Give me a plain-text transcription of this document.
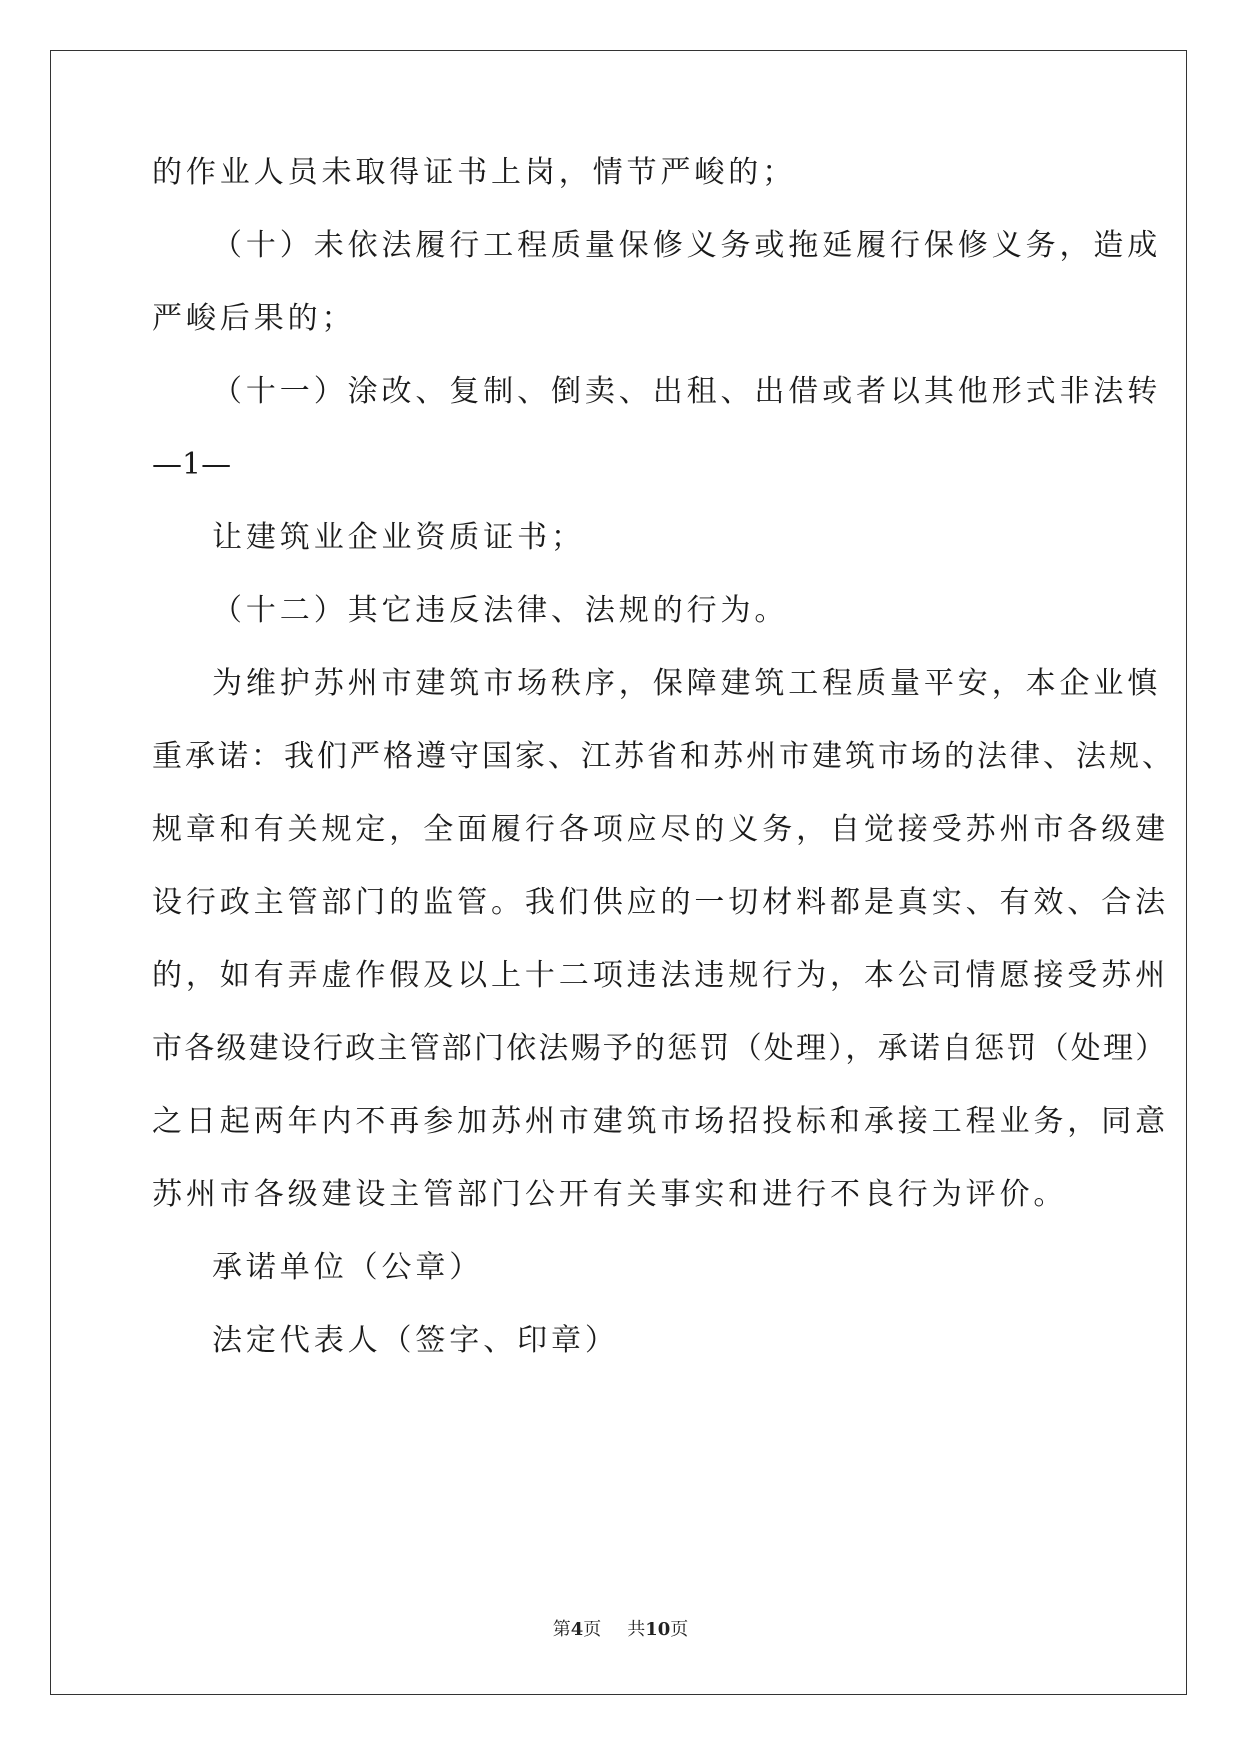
的作业人员未取得证书上岗，情节严峻的；
（十）未依法履行工程质量保修义务或拖延履行保修义务，造成
严峻后果的；
（十一）涂改、复制、倒卖、出租、出借或者以其他形式非法转
—1—
让建筑业企业资质证书；
（十二）其它违反法律、法规的行为。
为维护苏州市建筑市场秩序，保障建筑工程质量平安，本企业慎
重承诺：我们严格遵守国家、江苏省和苏州市建筑市场的法律、法规、
规章和有关规定，全面履行各项应尽的义务，自觉接受苏州市各级建
设行政主管部门的监管。我们供应的一切材料都是真实、有效、合法
的，如有弄虚作假及以上十二项违法违规行为，本公司情愿接受苏州
市各级建设行政主管部门依法赐予的惩罚（处理），承诺自惩罚（处理）
之日起两年内不再参加苏州市建筑市场招投标和承接工程业务，同意
苏州市各级建设主管部门公开有关事实和进行不良行为评价。
承诺单位（公章）
法定代表人（签字、印章）
第4页 共10页
